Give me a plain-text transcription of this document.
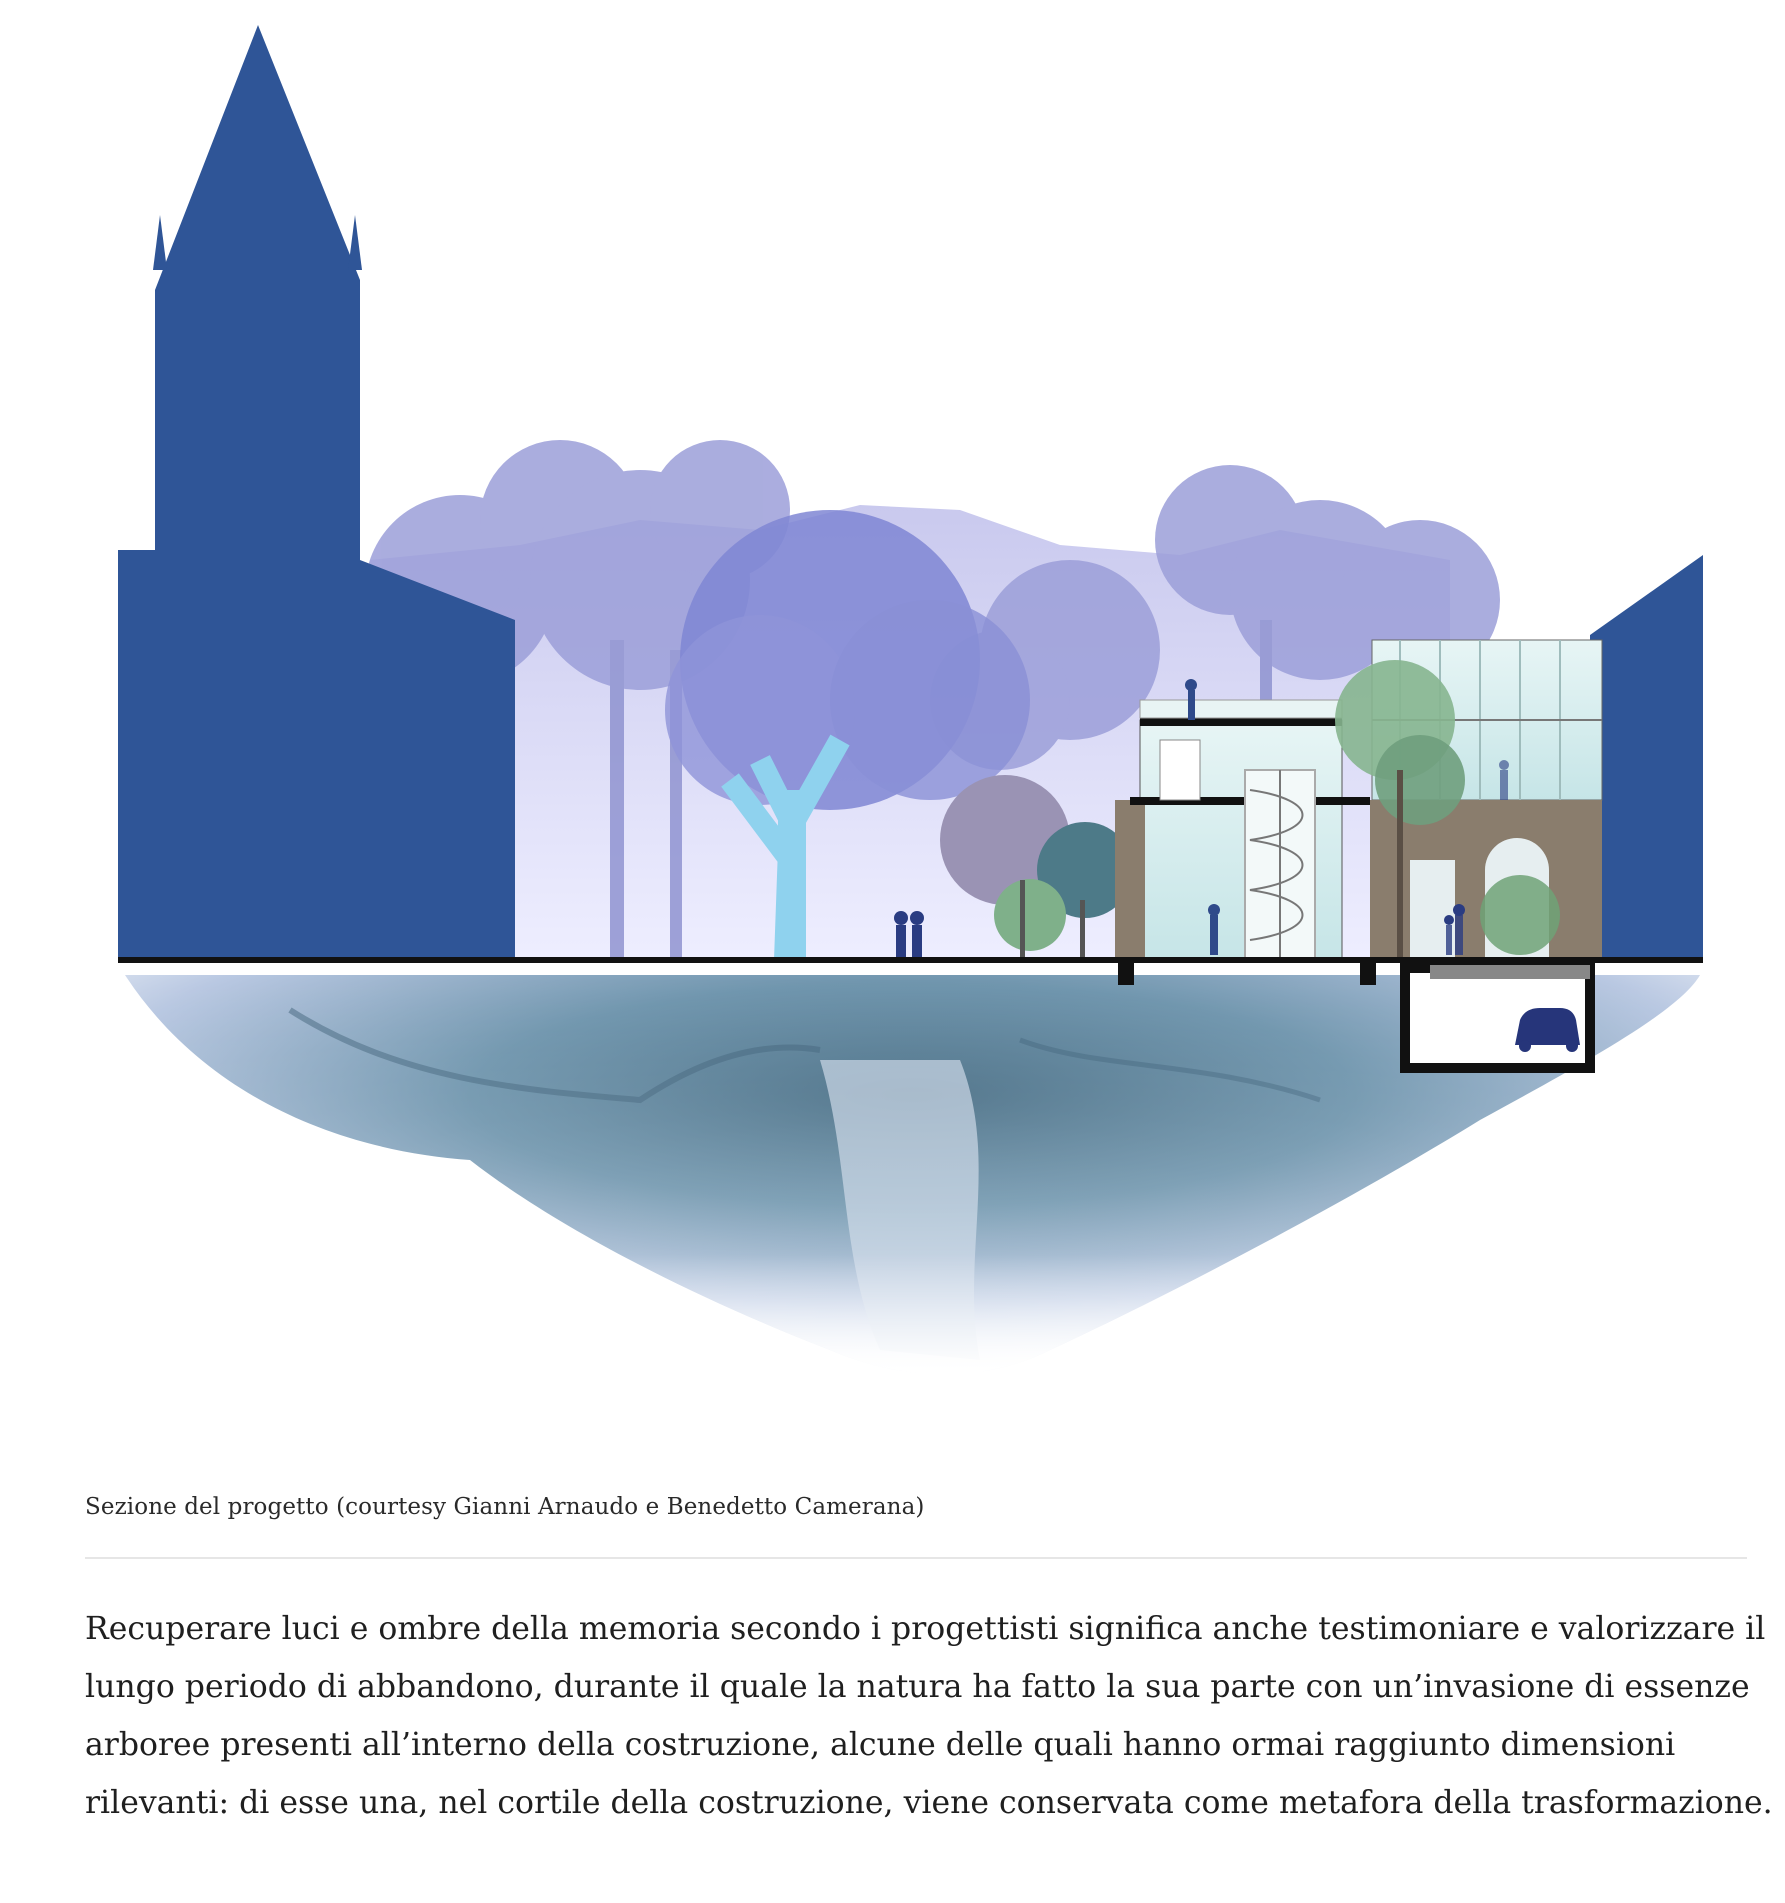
Sezione del progetto (courtesy Gianni Arnaudo e Benedetto Camerana)
Recuperare luci e ombre della memoria secondo i progettisti significa anche testimoniare e valorizzare il
lungo periodo di abbandono, durante il quale la natura ha fatto la sua parte con un’invasione di essenze
arboree presenti all’interno della costruzione, alcune delle quali hanno ormai raggiunto dimensioni
rilevanti: di esse una, nel cortile della costruzione, viene conservata come metafora della trasformazione.
